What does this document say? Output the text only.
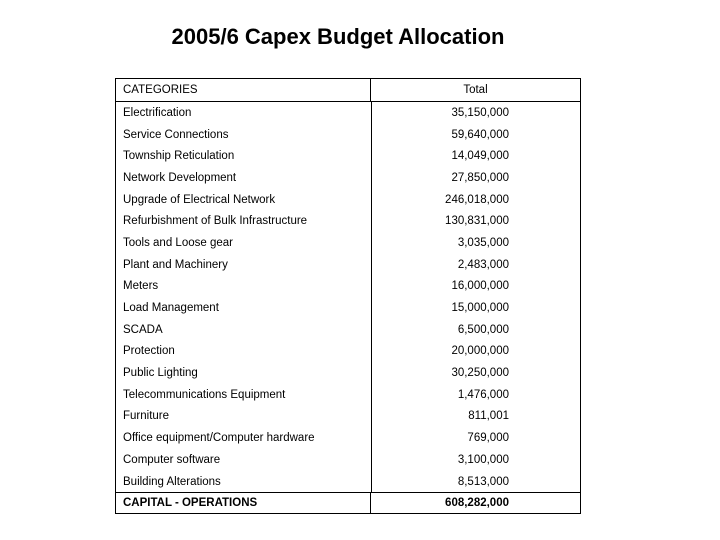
2005/6 Capex Budget Allocation
CATEGORIES	Total
Electrification	35,150,000
Service Connections	59,640,000
Township Reticulation	14,049,000
Network Development	27,850,000
Upgrade of Electrical Network	246,018,000
Refurbishment of Bulk Infrastructure	130,831,000
Tools and Loose gear	3,035,000
Plant and Machinery	2,483,000
Meters	16,000,000
Load Management	15,000,000
SCADA	6,500,000
Protection	20,000,000
Public Lighting	30,250,000
Telecommunications Equipment	1,476,000
Furniture	811,001
Office equipment/Computer hardware	769,000
Computer software	3,100,000
Building Alterations	8,513,000
CAPITAL - OPERATIONS	608,282,000
